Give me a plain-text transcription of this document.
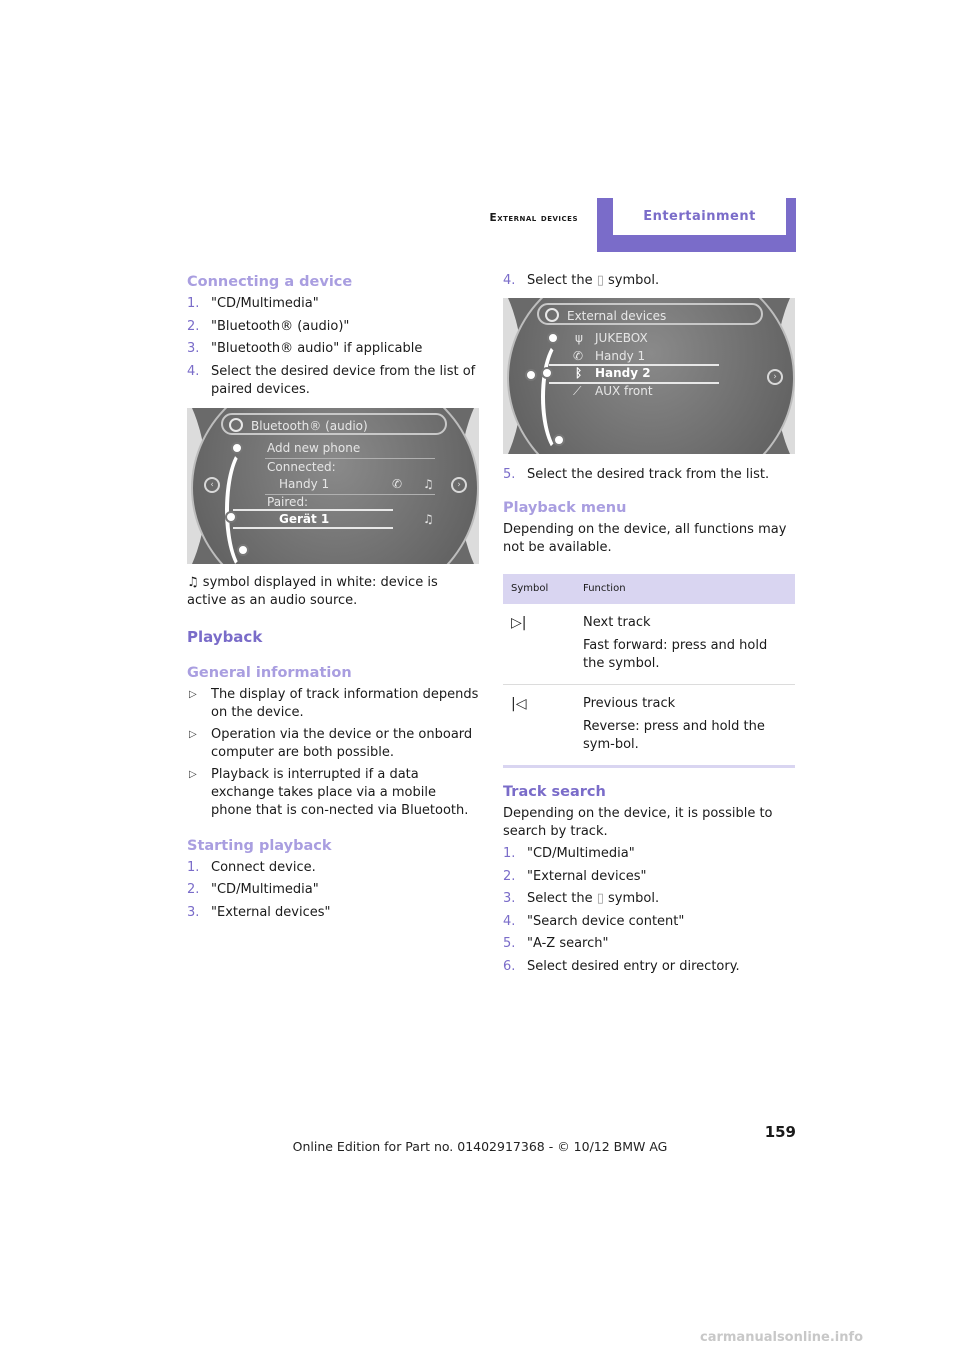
External devices	Entertainment
Connecting a device
1. "CD/Multimedia"
2. "Bluetooth® (audio)"
3. "Bluetooth® audio" if applicable
4. Select the desired device from the list of paired devices.
Bluetooth® (audio)
‹	›
Add new phone
Connected:
Handy 1	✆ ♫
Paired:
Gerät 1	♫

♫ symbol displayed in white: device is active as an audio source.

Playback
General information
▷ The display of track information depends on the device.
▷ Operation via the device or the onboard computer are both possible.
▷ Playback is interrupted if a data exchange takes place via a mobile phone that is con-nected via Bluetooth.
Starting playback
1. Connect device.
2. "CD/Multimedia"
3. "External devices"
4. Select the ▯ symbol.
External devices
›
ψ JUKEBOX
✆ Handy 1
ᛒ Handy 2
⟋ AUX front
5. Select the desired track from the list.
Playback menu

Depending on the device, all functions may not be available.

Symbol	Function
▷|	Next track
Fast forward: press and hold the symbol.

|◁	Previous track
Reverse: press and hold the sym-bol.
Track search

Depending on the device, it is possible to search by track.

1. "CD/Multimedia"
2. "External devices"
3. Select the ▯ symbol.
4. "Search device content"
5. "A-Z search"
6. Select desired entry or directory.
159
Online Edition for Part no. 01402917368 - © 10/12 BMW AG
carmanualsonline.info
